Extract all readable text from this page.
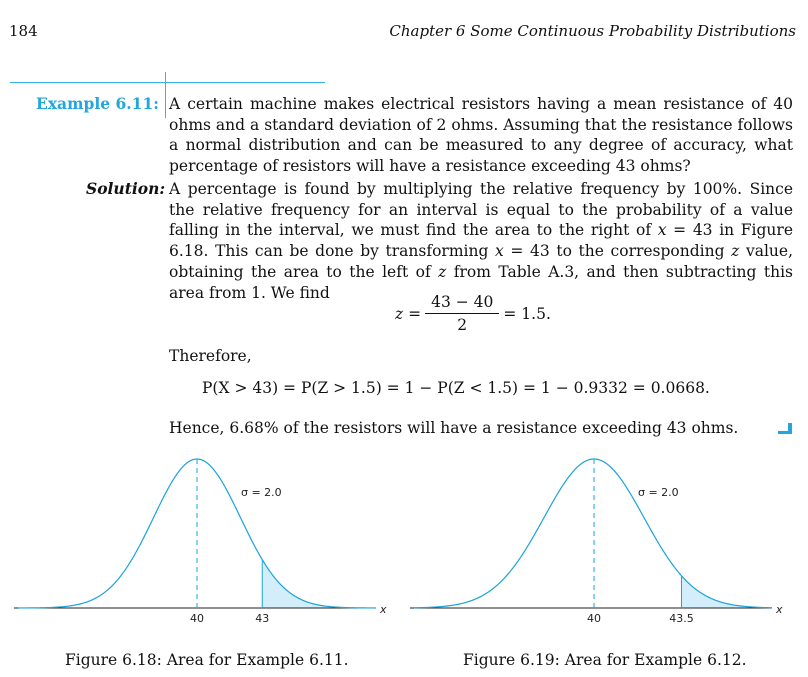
184	Chapter 6 Some Continuous Probability Distributions
Example 6.11: A certain machine makes electrical resistors having a mean resistance of 40 ohms and a standard deviation of 2 ohms. Assuming that the resistance follows a normal distribution and can be measured to any degree of accuracy, what percentage of resistors will have a resistance exceeding 43 ohms?
Solution: A percentage is found by multiplying the relative frequency by 100%. Since the relative frequency for an interval is equal to the probability of a value falling in the interval, we must find the area to the right of x = 43 in Figure 6.18. This can be done by transforming x = 43 to the corresponding z value, obtaining the area to the left of z from Table A.3, and then subtracting this area from 1. We find
$z = \frac{43 - 40}{2} = 1.5$.
Therefore,
P(X > 43) = P(Z > 1.5) = 1 − P(Z < 1.5) = 1 − 0.9332 = 0.0668.
Hence, 6.68% of the resistors will have a resistance exceeding 43 ohms.
σ = 2.0
40	43
x
σ = 2.0
40	43.5
x
Figure 6.18: Area for Example 6.11.	Figure 6.19: Area for Example 6.12.
